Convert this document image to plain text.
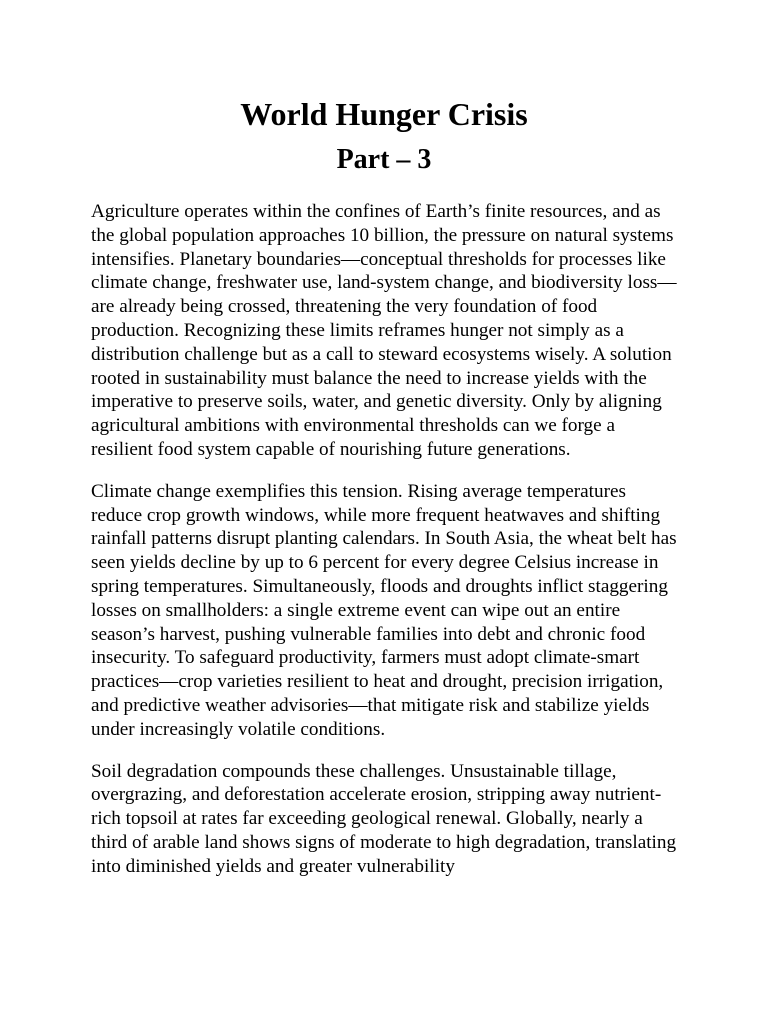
World Hunger Crisis
Part – 3

Agriculture operates within the confines of Earth’s finite resources, and as the global population approaches 10 billion, the pressure on natural systems intensifies. Planetary boundaries—conceptual thresholds for processes like climate change, freshwater use, land-system change, and biodiversity loss—are already being crossed, threatening the very foundation of food production. Recognizing these limits reframes hunger not simply as a distribution challenge but as a call to steward ecosystems wisely. A solution rooted in sustainability must balance the need to increase yields with the imperative to preserve soils, water, and genetic diversity. Only by aligning agricultural ambitions with environmental thresholds can we forge a resilient food system capable of nourishing future generations.

Climate change exemplifies this tension. Rising average temperatures reduce crop growth windows, while more frequent heatwaves and shifting rainfall patterns disrupt planting calendars. In South Asia, the wheat belt has seen yields decline by up to 6 percent for every degree Celsius increase in spring temperatures. Simultaneously, floods and droughts inflict staggering losses on smallholders: a single extreme event can wipe out an entire season’s harvest, pushing vulnerable families into debt and chronic food insecurity. To safeguard productivity, farmers must adopt climate-smart practices—crop varieties resilient to heat and drought, precision irrigation, and predictive weather advisories—that mitigate risk and stabilize yields under increasingly volatile conditions.

Soil degradation compounds these challenges. Unsustainable tillage, overgrazing, and deforestation accelerate erosion, stripping away nutrient-rich topsoil at rates far exceeding geological renewal. Globally, nearly a third of arable land shows signs of moderate to high degradation, translating into diminished yields and greater vulnerability
